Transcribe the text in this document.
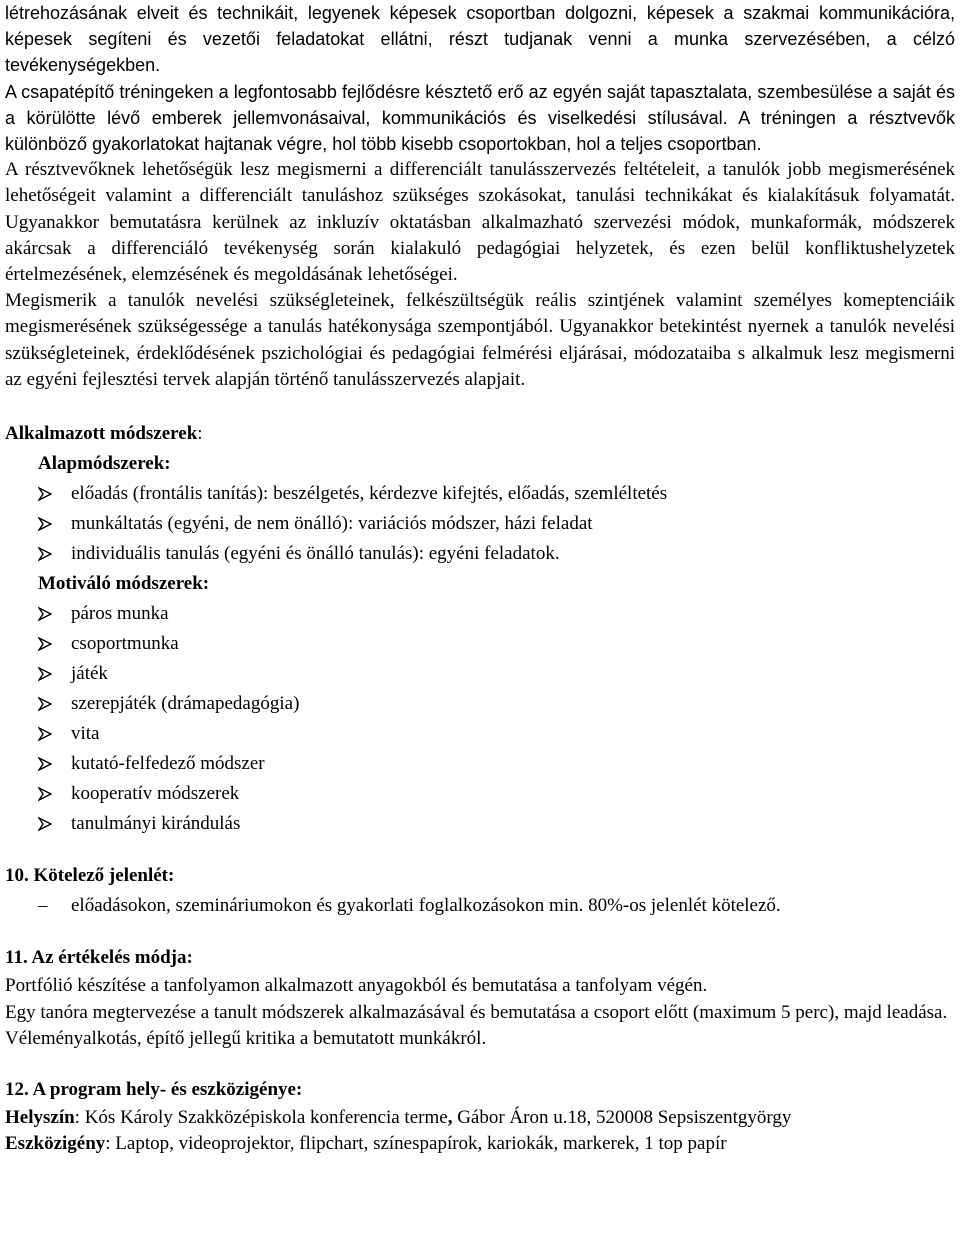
létrehozásának elveit és technikáit, legyenek képesek csoportban dolgozni, képesek a szakmai kommunikációra, képesek segíteni és vezetői feladatokat ellátni, részt tudjanak venni a munka szervezésében, a célzó tevékenységekben.

A csapatépítő tréningeken a legfontosabb fejlődésre késztető erő az egyén saját tapasztalata, szembesülése a saját és a körülötte lévő emberek jellemvonásaival, kommunikációs és viselkedési stílusával. A tréningen a résztvevők különböző gyakorlatokat hajtanak végre, hol több kisebb csoportokban, hol a teljes csoportban.

A résztvevőknek lehetőségük lesz megismerni a differenciált tanulásszervezés feltételeit, a tanulók jobb megismerésének lehetőségeit valamint a differenciált tanuláshoz szükséges szokásokat, tanulási technikákat és kialakításuk folyamatát. Ugyanakkor bemutatásra kerülnek az inkluzív oktatásban alkalmazható szervezési módok, munkaformák, módszerek akárcsak a differenciáló tevékenység során kialakuló pedagógiai helyzetek, és ezen belül konfliktushelyzetek értelmezésének, elemzésének és megoldásának lehetőségei.

Megismerik a tanulók nevelési szükségleteinek, felkészültségük reális szintjének valamint személyes komeptenciáik megismerésének szükségessége a tanulás hatékonysága szempontjából. Ugyanakkor betekintést nyernek a tanulók nevelési szükségleteinek, érdeklődésének pszichológiai és pedagógiai felmérési eljárásai, módozataiba s alkalmuk lesz megismerni az egyéni fejlesztési tervek alapján történő tanulásszervezés alapjait.

Alkalmazott módszerek:

Alapmódszerek:

előadás (frontális tanítás): beszélgetés, kérdezve kifejtés, előadás, szemléltetés
munkáltatás (egyéni, de nem önálló): variációs módszer, házi feladat
individuális tanulás (egyéni és önálló tanulás): egyéni feladatok.

Motiváló módszerek:

páros munka
csoportmunka
játék
szerepjáték (drámapedagógia)
vita
kutató-felfedező módszer
kooperatív módszerek
tanulmányi kirándulás

10. Kötelező jelenlét:

– előadásokon, szemináriumokon és gyakorlati foglalkozásokon min. 80%-os jelenlét kötelező.

11. Az értékelés módja:

Portfólió készítése a tanfolyamon alkalmazott anyagokból és bemutatása a tanfolyam végén.

Egy tanóra megtervezése a tanult módszerek alkalmazásával és bemutatása a csoport előtt (maximum 5 perc), majd leadása.

Véleményalkotás, építő jellegű kritika a bemutatott munkákról.

12. A program hely- és eszközigénye:

Helyszín: Kós Károly Szakközépiskola konferencia terme, Gábor Áron u.18, 520008 Sepsiszentgyörgy

Eszközigény: Laptop, videoprojektor, flipchart, színespapírok, kariokák, markerek, 1 top papír
